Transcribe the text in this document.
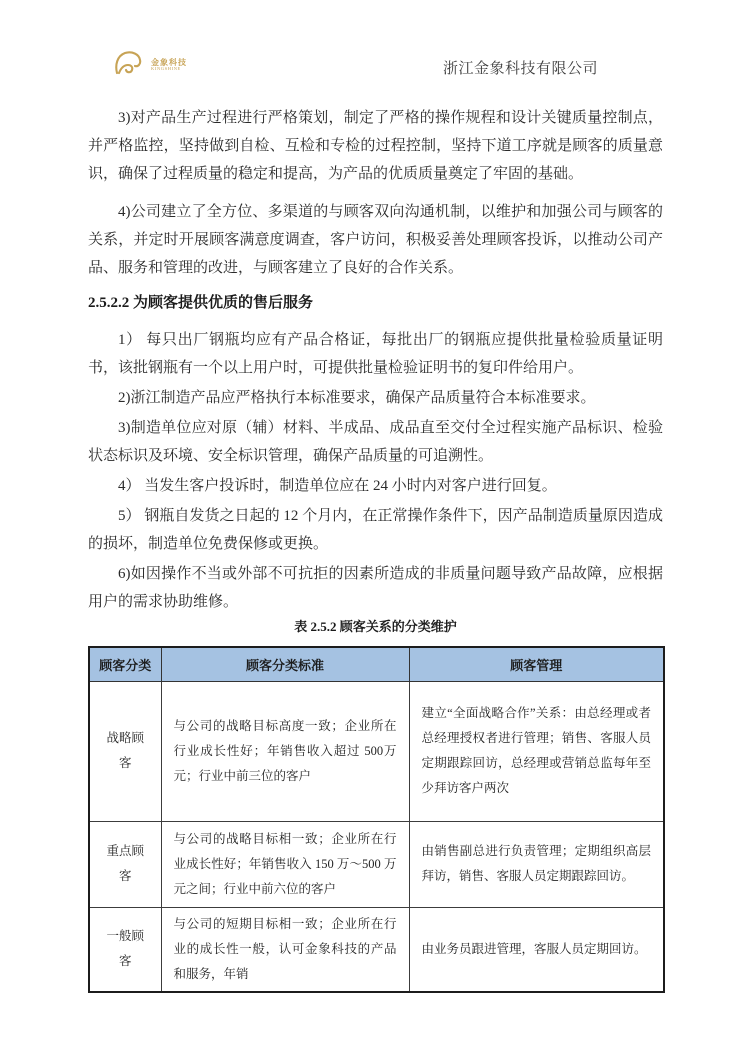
金象科技
KINGSHINE	浙江金象科技有限公司

3)对产品生产过程进行严格策划，制定了严格的操作规程和设计关键质量控制点，并严格监控，坚持做到自检、互检和专检的过程控制，坚持下道工序就是顾客的质量意识，确保了过程质量的稳定和提高，为产品的优质质量奠定了牢固的基础。

4)公司建立了全方位、多渠道的与顾客双向沟通机制，以维护和加强公司与顾客的关系，并定时开展顾客满意度调查，客户访问，积极妥善处理顾客投诉，以推动公司产品、服务和管理的改进，与顾客建立了良好的合作关系。

2.5.2.2 为顾客提供优质的售后服务

1） 每只出厂钢瓶均应有产品合格证，每批出厂的钢瓶应提供批量检验质量证明书，该批钢瓶有一个以上用户时，可提供批量检验证明书的复印件给用户。

2)浙江制造产品应严格执行本标准要求，确保产品质量符合本标准要求。

3)制造单位应对原（辅）材料、半成品、成品直至交付全过程实施产品标识、检验状态标识及环境、安全标识管理，确保产品质量的可追溯性。

4） 当发生客户投诉时，制造单位应在 24 小时内对客户进行回复。

5） 钢瓶自发货之日起的 12 个月内，在正常操作条件下，因产品制造质量原因造成的损坏，制造单位免费保修或更换。

6)如因操作不当或外部不可抗拒的因素所造成的非质量问题导致产品故障，应根据用户的需求协助维修。

表 2.5.2 顾客关系的分类维护
顾客分类	顾客分类标准	顾客管理
战略顾客	与公司的战略目标高度一致；企业所在行业成长性好；年销售收入超过 500万元；行业中前三位的客户	建立“全面战略合作”关系：由总经理或者总经理授权者进行管理；销售、客服人员定期跟踪回访，总经理或营销总监每年至少拜访客户两次
重点顾客	与公司的战略目标相一致；企业所在行业成长性好；年销售收入 150 万～500 万元之间；行业中前六位的客户	由销售副总进行负责管理；定期组织高层拜访，销售、客服人员定期跟踪回访。
一般顾客	与公司的短期目标相一致；企业所在行业的成长性一般，认可金象科技的产品和服务，年销	由业务员跟进管理，客服人员定期回访。
